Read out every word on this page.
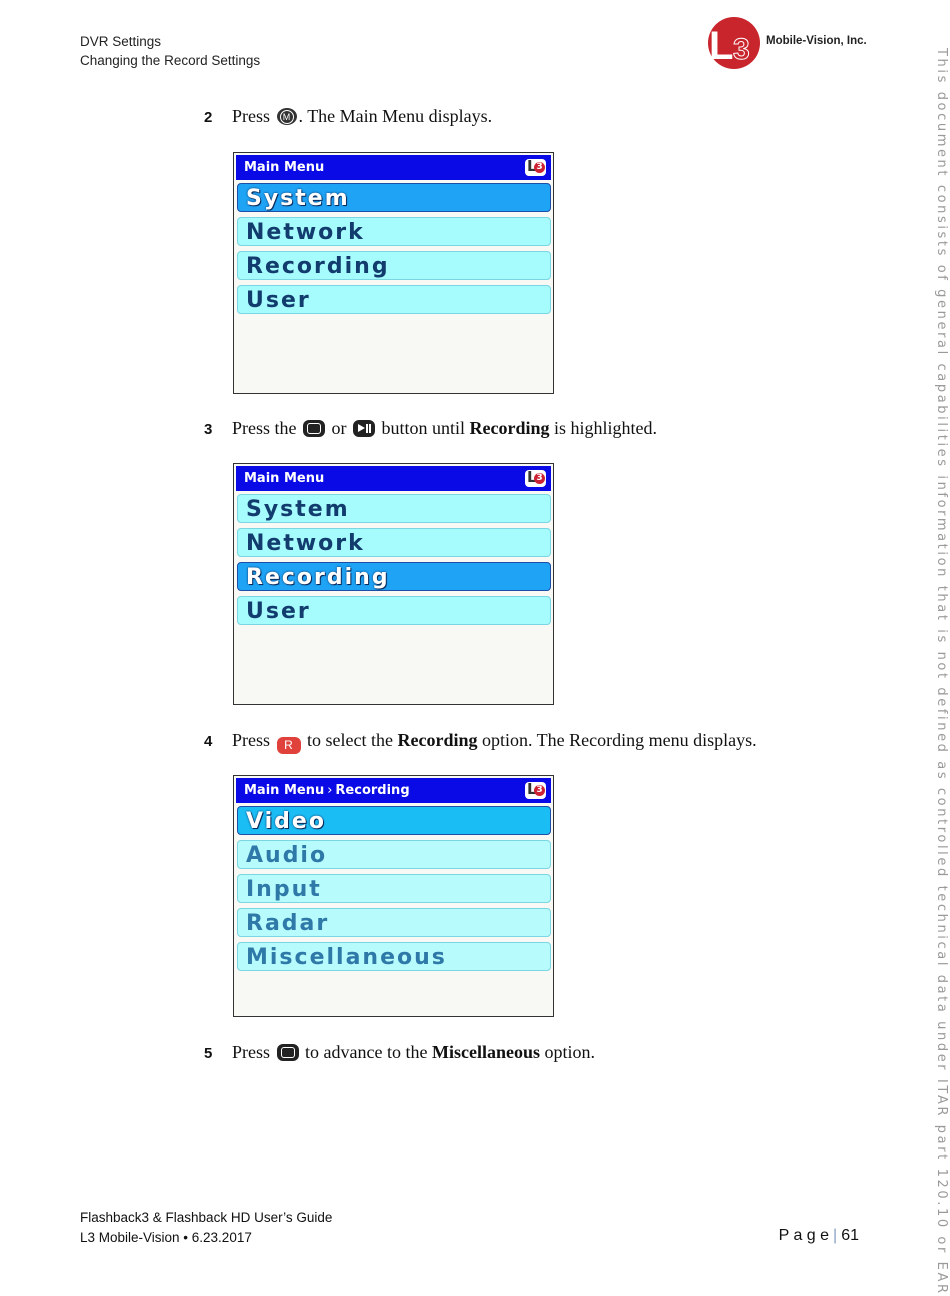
DVR Settings
Changing the Record Settings	L 3 Mobile-Vision, Inc.
This document consists of general capabilities information that is not defined as controlled technical data under ITAR part 120.10 or EAR
2 Press M. The Main Menu displays.
Main Menu
L 3
System
Network
Recording
User
3 Press the  or  button until Recording is highlighted.
Main Menu
L 3
System
Network
Recording
User
4 Press R to select the Recording option. The Recording menu displays.
Main Menu › Recording
L 3
Video
Audio
Input
Radar
Miscellaneous
5 Press  to advance to the Miscellaneous option.
Flashback3 & Flashback HD User’s Guide
L3 Mobile-Vision • 6.23.2017	P a g e | 61
